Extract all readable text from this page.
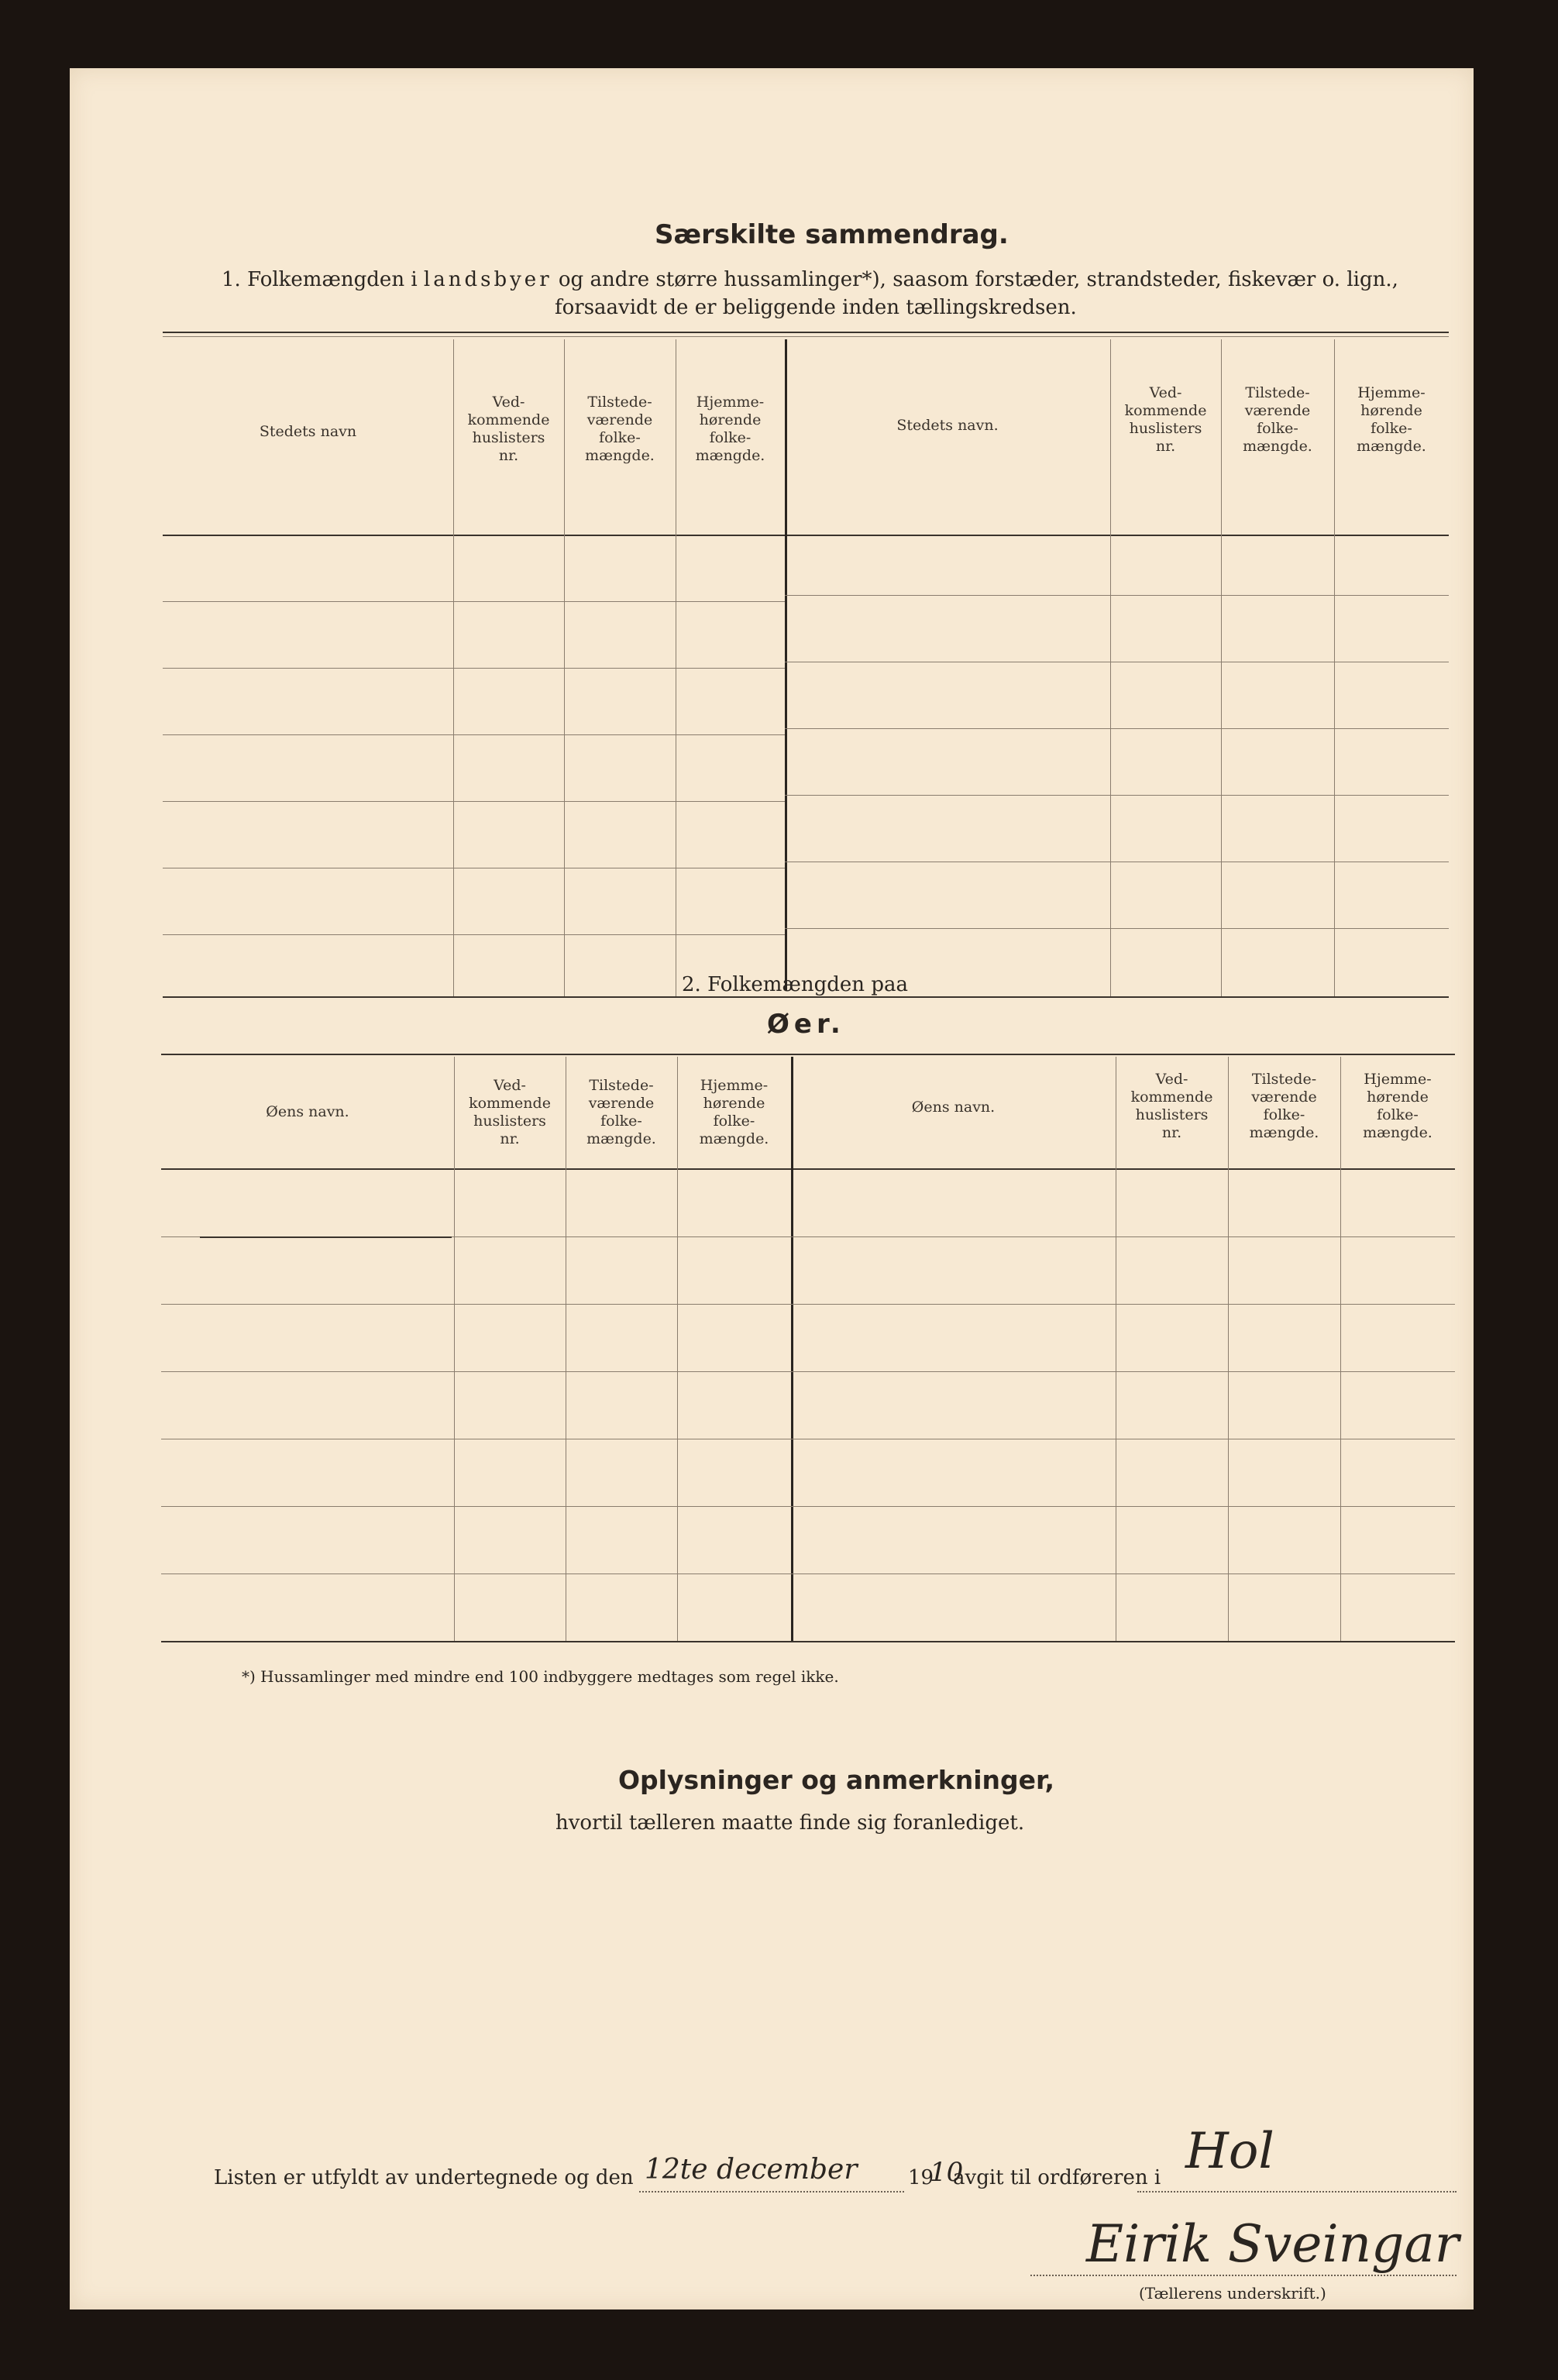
Særskilte sammendrag.
1. Folkemængden i landsbyer og andre større hussamlinger*), saasom forstæder, strandsteder, fiskevær o. lign.,
forsaavidt de er beliggende inden tællingskredsen.
Stedets navn
Ved-
kommende
huslisters
nr.
Tilstede-
værende
folke-
mængde.
Hjemme-
hørende
folke-
mængde.
Stedets navn.
Ved-
kommende
huslisters
nr.
Tilstede-
værende
folke-
mængde.
Hjemme-
hørende
folke-
mængde.
2. Folkemængden paa
Øer.
Øens navn.
Ved-
kommende
huslisters
nr.
Tilstede-
værende
folke-
mængde.
Hjemme-
hørende
folke-
mængde.
Øens navn.
Ved-
kommende
huslisters
nr.
Tilstede-
værende
folke-
mængde.
Hjemme-
hørende
folke-
mængde.
*) Hussamlinger med mindre end 100 indbyggere medtages som regel ikke.
Oplysninger og anmerkninger,
hvortil tælleren maatte finde sig foranlediget.
Listen er utfyldt av undertegnede og den 12te december	19
10
avgit til ordføreren i Hol
Eirik Sveingar
(Tællerens underskrift.)
